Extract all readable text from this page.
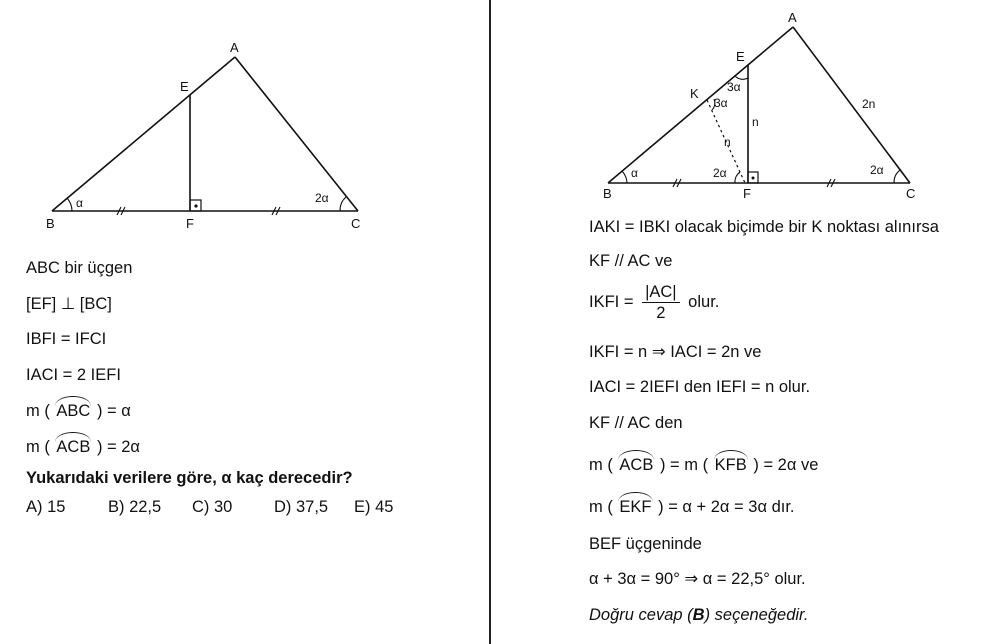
A
B	C
E
F
α	2α
A
B	C
E
F
K
α	2α
2α
3α
3α	2n
n
n
ABC bir üçgen
[EF] ⊥ [BC]
IBFI = IFCI
IACI = 2 IEFI
m ( ABC ) = α
m ( ACB ) = 2α
Yukarıdaki verilere göre, α kaç derecedir?
A) 15	B) 22,5 C) 30	D) 37,5 E) 45
IAKI = IBKI olacak biçimde bir K noktası alınırsa
KF // AC ve
IKFI = $\frac{|AC|}{2}$ olur.
IKFI = n ⇒ IACI = 2n ve
IACI = 2IEFI den IEFI = n olur.
KF // AC den
m ( ACB ) = m ( KFB ) = 2α ve
m ( EKF ) = α + 2α = 3α dır.
BEF üçgeninde
α + 3α = 90° ⇒ α = 22,5° olur.
Doğru cevap (B) seçeneğedir.
